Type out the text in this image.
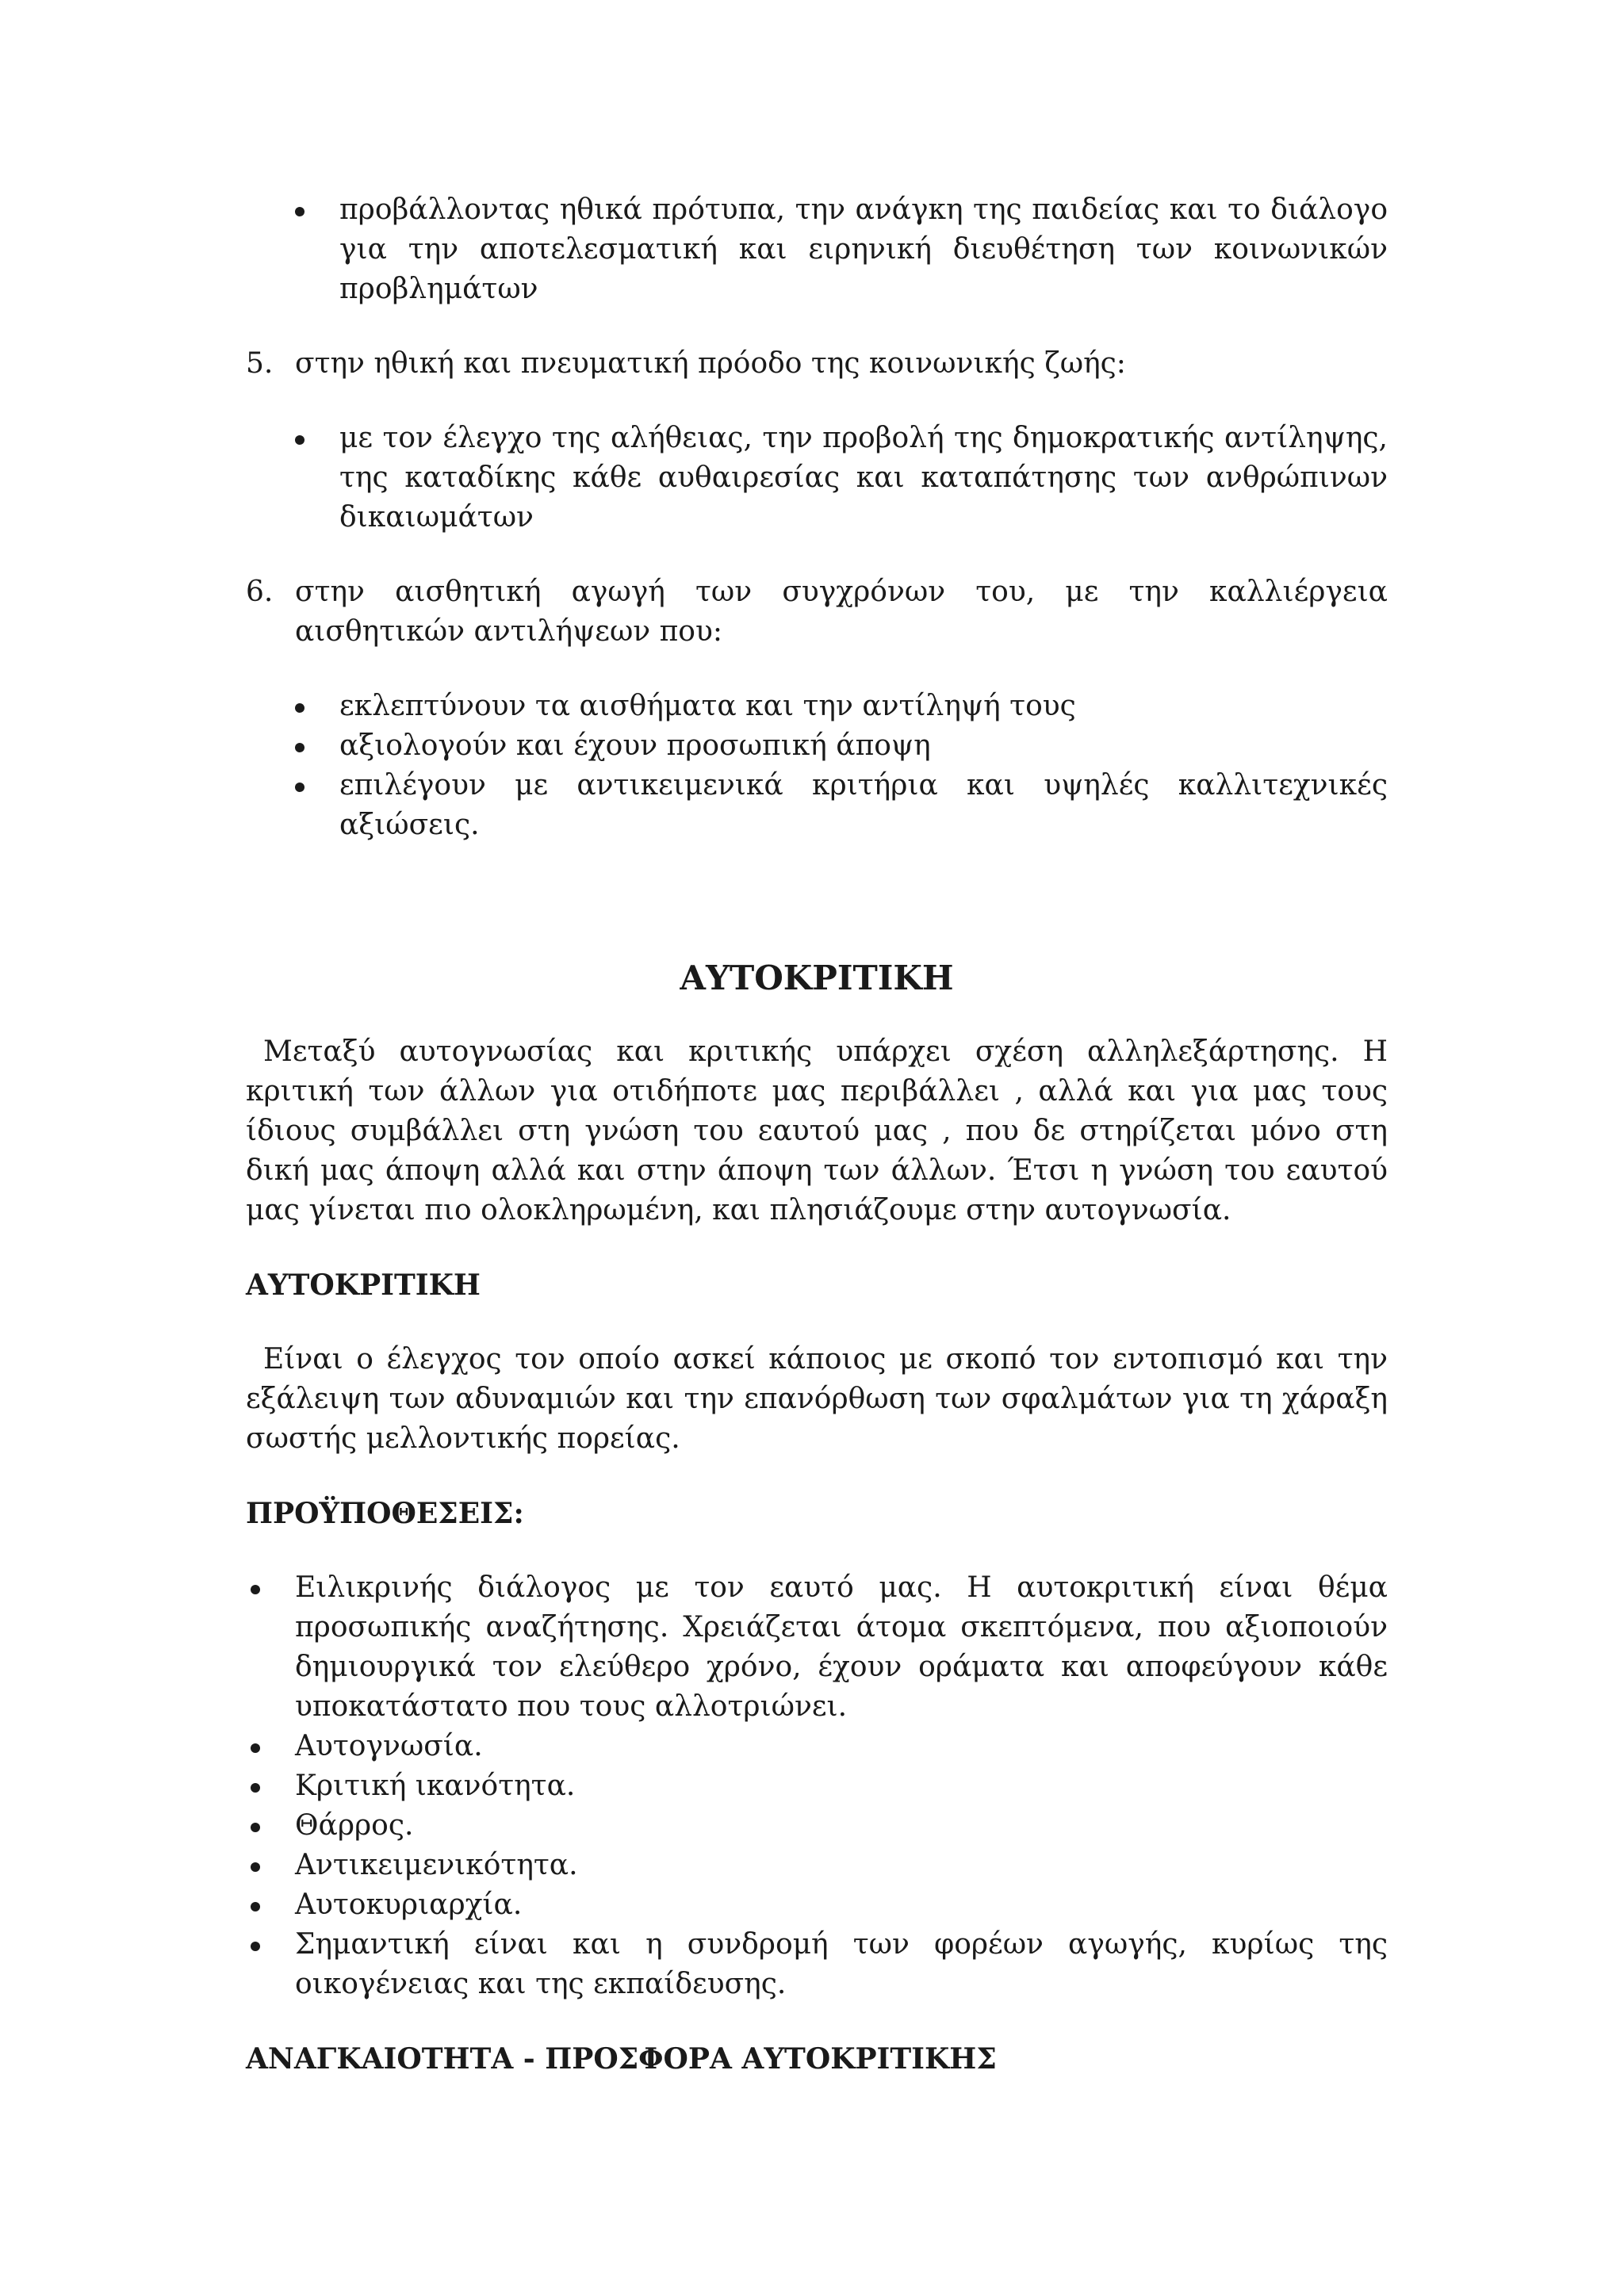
προβάλλοντας ηθικά πρότυπα, την ανάγκη της παιδείας και το διάλογο για την αποτελεσματική και ειρηνική διευθέτηση των κοινωνικών προβλημάτων
5. στην ηθική και πνευματική πρόοδο της κοινωνικής ζωής:
με τον έλεγχο της αλήθειας, την προβολή της δημοκρατικής αντίληψης, της καταδίκης κάθε αυθαιρεσίας και καταπάτησης των ανθρώπινων δικαιωμάτων
6. στην αισθητική αγωγή των συγχρόνων του, με την καλλιέργεια αισθητικών αντιλήψεων που:
εκλεπτύνουν τα αισθήματα και την αντίληψή τους
αξιολογούν και έχουν προσωπική άποψη
επιλέγουν με αντικειμενικά κριτήρια και υψηλές καλλιτεχνικές αξιώσεις.
ΑΥΤΟΚΡΙΤΙΚΗ

Μεταξύ αυτογνωσίας και κριτικής υπάρχει σχέση αλληλεξάρτησης. Η κριτική των άλλων για οτιδήποτε μας περιβάλλει , αλλά και για μας τους ίδιους συμβάλλει στη γνώση του εαυτού μας , που δε στηρίζεται μόνο στη δική μας άποψη αλλά και στην άποψη των άλλων. Έτσι η γνώση του εαυτού μας γίνεται πιο ολοκληρωμένη, και πλησιάζουμε στην αυτογνωσία.

ΑΥΤΟΚΡΙΤΙΚΗ

Είναι ο έλεγχος τον οποίο ασκεί κάποιος με σκοπό τον εντοπισμό και την εξάλειψη των αδυναμιών και την επανόρθωση των σφαλμάτων για τη χάραξη σωστής μελλοντικής πορείας.

ΠΡΟΫΠΟΘΕΣΕΙΣ:
Ειλικρινής διάλογος με τον εαυτό μας. Η αυτοκριτική είναι θέμα προσωπικής αναζήτησης. Χρειάζεται άτομα σκεπτόμενα, που αξιοποιούν δημιουργικά τον ελεύθερο χρόνο, έχουν οράματα και αποφεύγουν κάθε υποκατάστατο που τους αλλοτριώνει.
Αυτογνωσία.
Κριτική ικανότητα.
Θάρρος.
Αντικειμενικότητα.
Αυτοκυριαρχία.
Σημαντική είναι και η συνδρομή των φορέων αγωγής, κυρίως της οικογένειας και της εκπαίδευσης.
ΑΝΑΓΚΑΙΟΤΗΤΑ - ΠΡΟΣΦΟΡΑ ΑΥΤΟΚΡΙΤΙΚΗΣ
